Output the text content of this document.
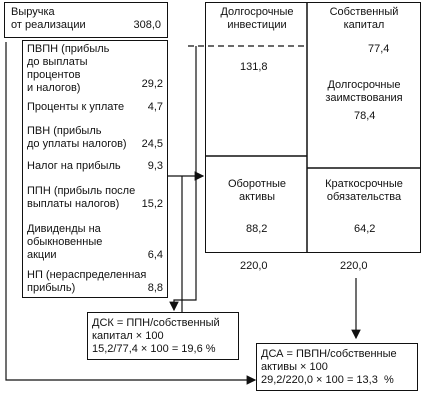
Выручка
от реализации	308,0
ПВПН (прибыль
до выплаты
процентов
и налогов)	29,2
Проценты к уплате 4,7
ПВН (прибыль
до уплаты налогов) 24,5
Налог на прибыль 9,3
ППН (прибыль после
выплаты налогов)	15,2
Дивиденды на
обыкновенные
акции	6,4
НП (нераспределенная
прибыль)	8,8
Долгосрочные
инвестиции
131,8
Оборотные
активы
88,2
Собственный
капитал
77,4
Долгосрочные
заимствования
78,4
Краткосрочные
обязательства
64,2
220,0	220,0
ДСК = ППН/собственный
капитал × 100
15,2/77,4 × 100 = 19,6 %	ДСА = ПВПН/собственные
активы × 100
29,2/220,0 × 100 = 13,3  %
